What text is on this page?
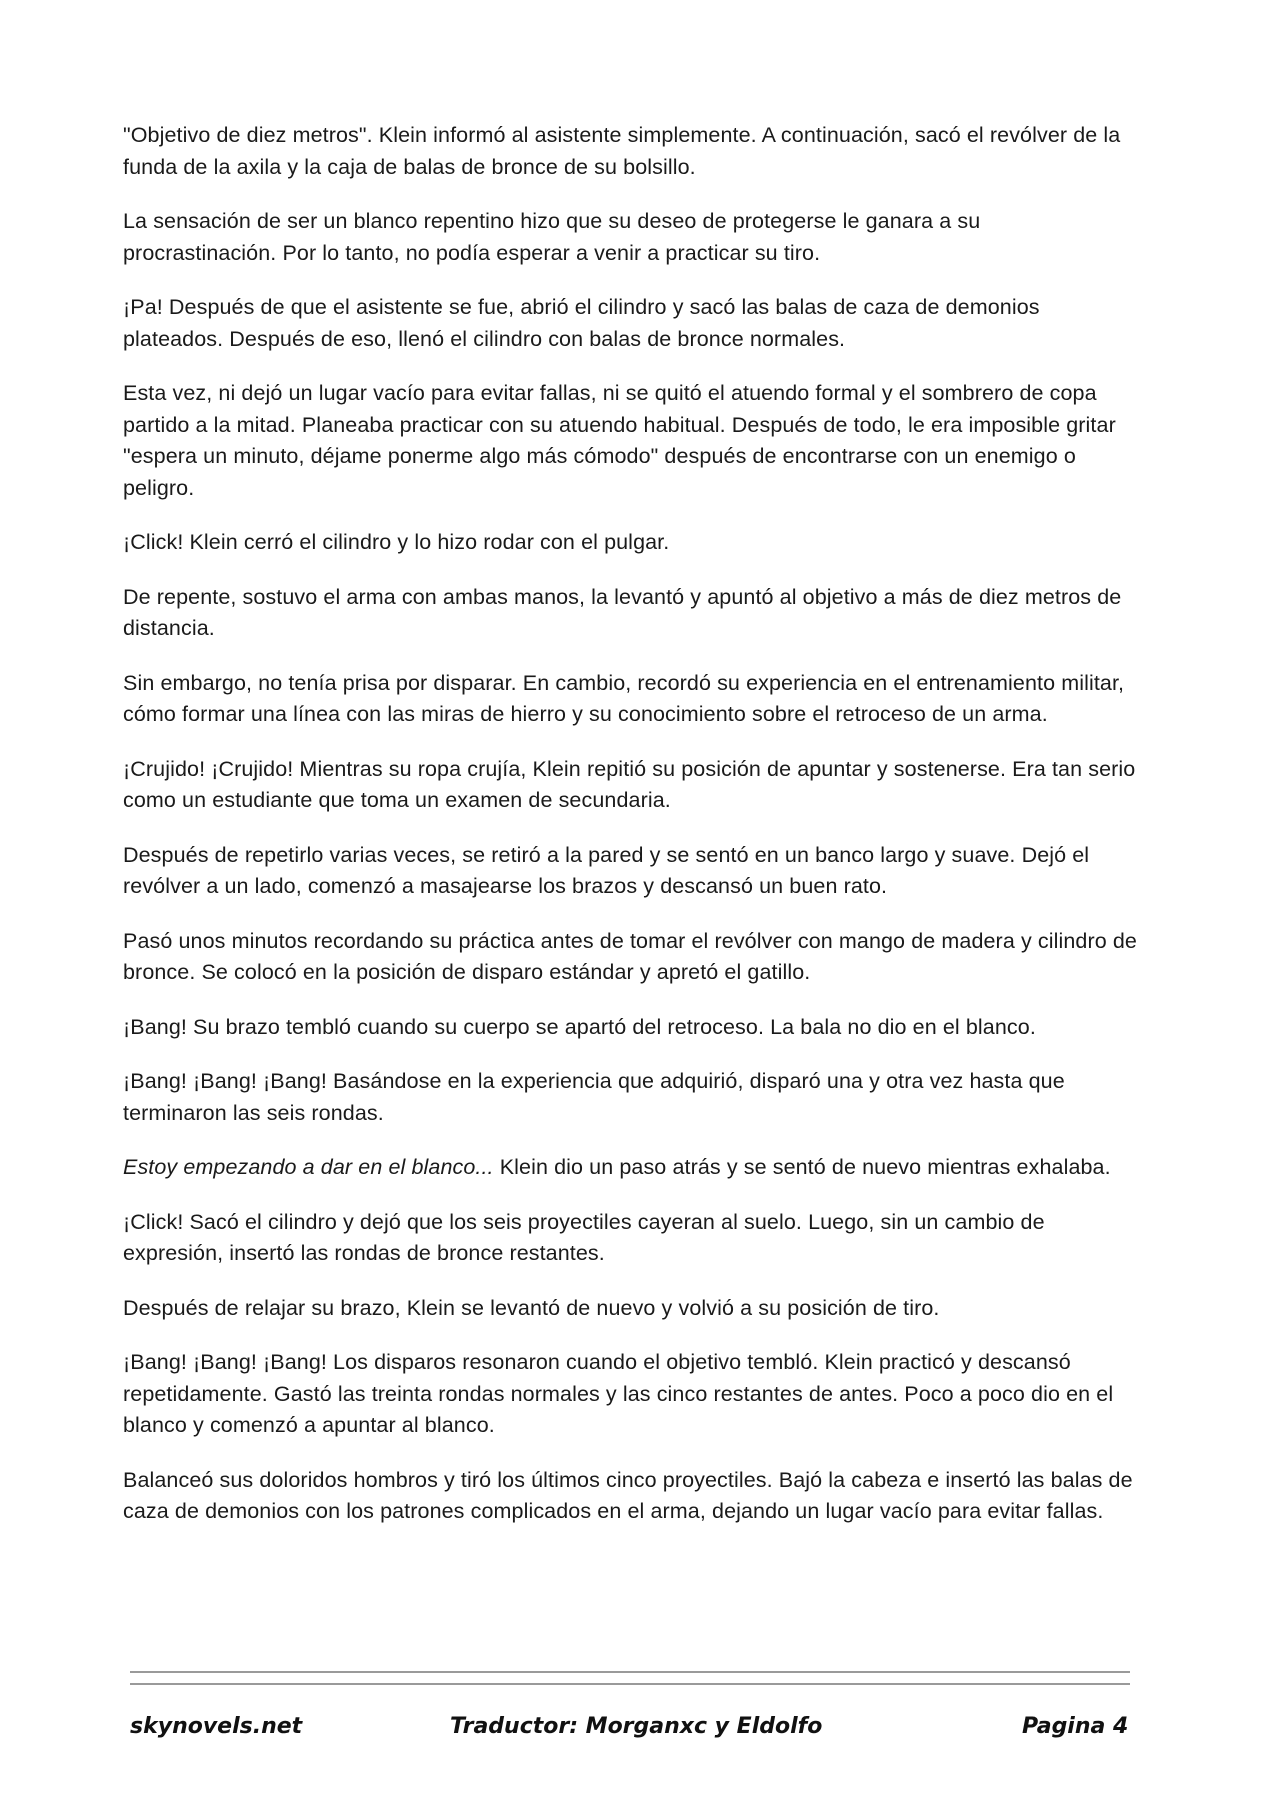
"Objetivo de diez metros". Klein informó al asistente simplemente. A continuación, sacó el revólver de la funda de la axila y la caja de balas de bronce de su bolsillo.

La sensación de ser un blanco repentino hizo que su deseo de protegerse le ganara a su procrastinación. Por lo tanto, no podía esperar a venir a practicar su tiro.

¡Pa! Después de que el asistente se fue, abrió el cilindro y sacó las balas de caza de demonios plateados. Después de eso, llenó el cilindro con balas de bronce normales.

Esta vez, ni dejó un lugar vacío para evitar fallas, ni se quitó el atuendo formal y el sombrero de copa partido a la mitad. Planeaba practicar con su atuendo habitual. Después de todo, le era imposible gritar "espera un minuto, déjame ponerme algo más cómodo" después de encontrarse con un enemigo o peligro.

¡Click! Klein cerró el cilindro y lo hizo rodar con el pulgar.

De repente, sostuvo el arma con ambas manos, la levantó y apuntó al objetivo a más de diez metros de distancia.

Sin embargo, no tenía prisa por disparar. En cambio, recordó su experiencia en el entrenamiento militar, cómo formar una línea con las miras de hierro y su conocimiento sobre el retroceso de un arma.

¡Crujido! ¡Crujido! Mientras su ropa crujía, Klein repitió su posición de apuntar y sostenerse. Era tan serio como un estudiante que toma un examen de secundaria.

Después de repetirlo varias veces, se retiró a la pared y se sentó en un banco largo y suave. Dejó el revólver a un lado, comenzó a masajearse los brazos y descansó un buen rato.

Pasó unos minutos recordando su práctica antes de tomar el revólver con mango de madera y cilindro de bronce. Se colocó en la posición de disparo estándar y apretó el gatillo.

¡Bang! Su brazo tembló cuando su cuerpo se apartó del retroceso. La bala no dio en el blanco.

¡Bang! ¡Bang! ¡Bang! Basándose en la experiencia que adquirió, disparó una y otra vez hasta que terminaron las seis rondas.

Estoy empezando a dar en el blanco... Klein dio un paso atrás y se sentó de nuevo mientras exhalaba.

¡Click! Sacó el cilindro y dejó que los seis proyectiles cayeran al suelo. Luego, sin un cambio de expresión, insertó las rondas de bronce restantes.

Después de relajar su brazo, Klein se levantó de nuevo y volvió a su posición de tiro.

¡Bang! ¡Bang! ¡Bang! Los disparos resonaron cuando el objetivo tembló. Klein practicó y descansó repetidamente. Gastó las treinta rondas normales y las cinco restantes de antes. Poco a poco dio en el blanco y comenzó a apuntar al blanco.

Balanceó sus doloridos hombros y tiró los últimos cinco proyectiles. Bajó la cabeza e insertó las balas de caza de demonios con los patrones complicados en el arma, dejando un lugar vacío para evitar fallas.

skynovels.net	Traductor: Morganxc y Eldolfo	Pagina 4
